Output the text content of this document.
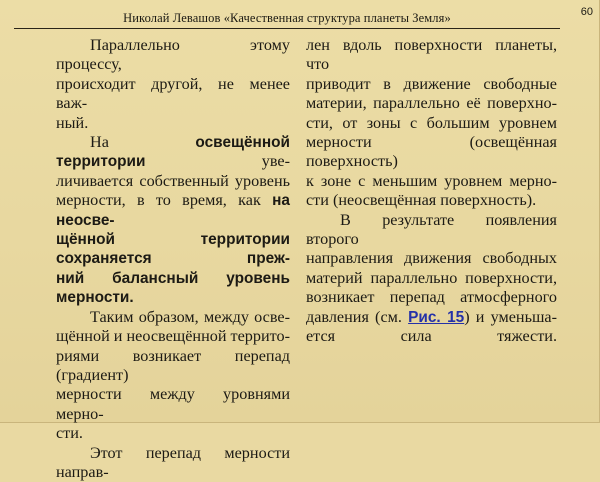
Николай Левашов «Качественная структура планеты Земля»	60

Параллельно этому процессу,
происходит другой, не менее важ-
ный.

На освещённой территории уве-
личивается собственный уровень
мерности, в то время, как на неосве-
щённой территории сохраняется преж-
ний балансный уровень мерности.

Таким образом, между осве-
щённой и неосвещённой террито-
риями возникает перепад (градиент)
мерности между уровнями мерно-
сти.

Этот перепад мерности направ-

лен вдоль поверхности планеты, что
приводит в движение свободные
материи, параллельно её поверхно-
сти, от зоны с большим уровнем
мерности (освещённая поверхность)
к зоне с меньшим уровнем мерно-
сти (неосвещённая поверхность).

В результате появления второго
направления движения свободных
материй параллельно поверхности,
возникает перепад атмосферного
давления (см. Рис. 15) и уменьша-
ется сила тяжести.
